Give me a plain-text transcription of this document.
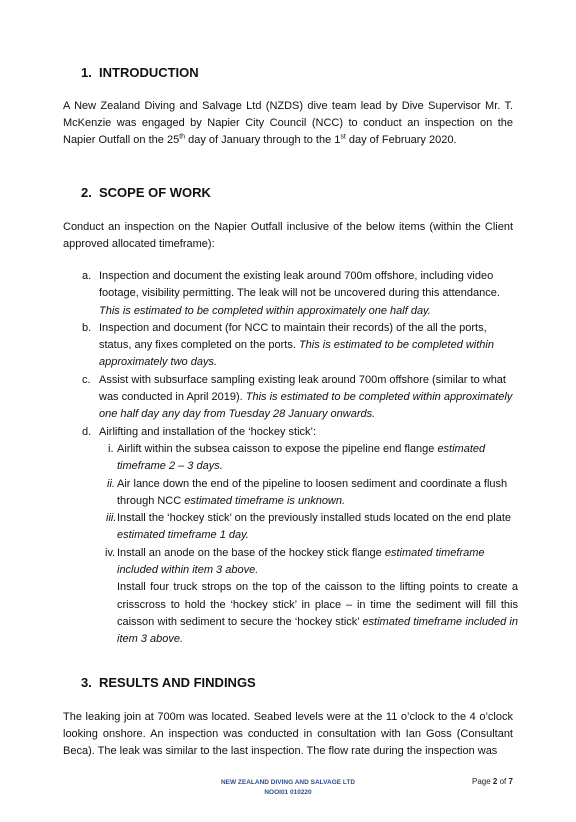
1. INTRODUCTION

A New Zealand Diving and Salvage Ltd (NZDS) dive team lead by Dive Supervisor Mr. T. McKenzie was engaged by Napier City Council (NCC) to conduct an inspection on the Napier Outfall on the 25th day of January through to the 1st day of February 2020.

2. SCOPE OF WORK

Conduct an inspection on the Napier Outfall inclusive of the below items (within the Client approved allocated timeframe):

a. Inspection and document the existing leak around 700m offshore, including video footage, visibility permitting. The leak will not be uncovered during this attendance. This is estimated to be completed within approximately one half day.
b. Inspection and document (for NCC to maintain their records) of the all the ports, status, any fixes completed on the ports. This is estimated to be completed within approximately two days.
c. Assist with subsurface sampling existing leak around 700m offshore (similar to what was conducted in April 2019). This is estimated to be completed within approximately one half day any day from Tuesday 28 January onwards.
d. Airlifting and installation of the ‘hockey stick’:
i. Airlift within the subsea caisson to expose the pipeline end flange estimated timeframe 2 – 3 days.
ii. Air lance down the end of the pipeline to loosen sediment and coordinate a flush through NCC estimated timeframe is unknown.
iii. Install the ‘hockey stick’ on the previously installed studs located on the end plate estimated timeframe 1 day.
iv. Install an anode on the base of the hockey stick flange estimated timeframe included within item 3 above.
Install four truck strops on the top of the caisson to the lifting points to create a crisscross to hold the ‘hockey stick’ in place – in time the sediment will fill this caisson with sediment to secure the ‘hockey stick’ estimated timeframe included in item 3 above.
3. RESULTS AND FINDINGS

The leaking join at 700m was located. Seabed levels were at the 11 o’clock to the 4 o’clock looking onshore. An inspection was conducted in consultation with Ian Goss (Consultant Beca). The leak was similar to the last inspection. The flow rate during the inspection was

NEW ZEALAND DIVING AND SALVAGE LTD
NOOI01 010220
Page 2 of 7
